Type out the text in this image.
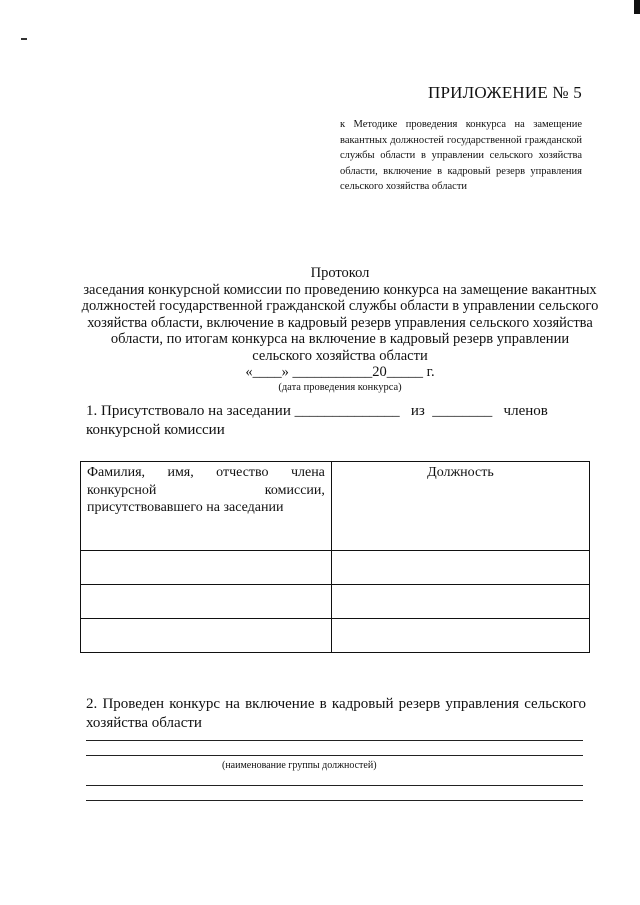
ПРИЛОЖЕНИЕ № 5
к Методике проведения конкурса на замещение вакантных должностей государственной гражданской службы области в управлении сельского хозяйства области, включение в кадровый резерв управления сельского хозяйства области
Протокол
заседания конкурсной комиссии по проведению конкурса на замещение вакантных должностей государственной гражданской службы области в управлении сельского хозяйства области, включение в кадровый резерв управления сельского хозяйства области, по итогам конкурса на включение в кадровый резерв управлении сельского хозяйства области
«____» ___________20_____ г.
(дата проведения конкурса)
1. Присутствовало на заседании ______________   из  ________   членов
конкурсной комиссии
Фамилия, имя, отчество члена конкурсной комиссии, присутствовавшего на заседании	Должность

2. Проведен конкурс на включение в кадровый резерв управления сельского хозяйства области
(наименование группы должностей)
